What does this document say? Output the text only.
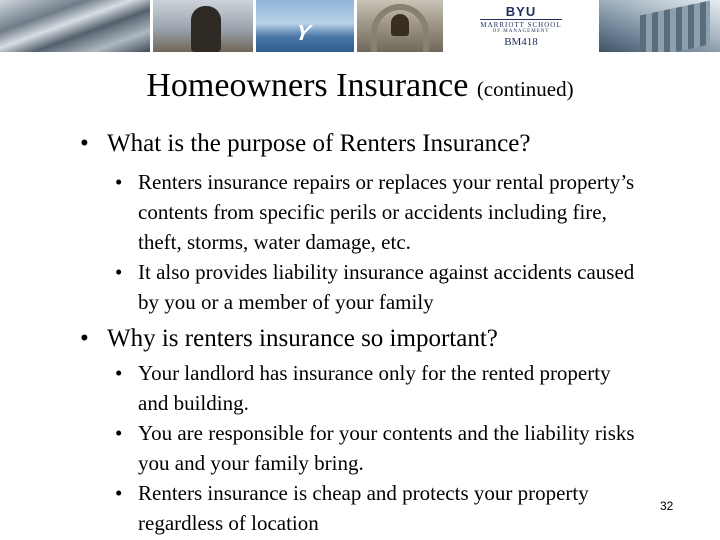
Y
BYU
MARRIOTT SCHOOL
OF MANAGEMENT
BM418
Homeowners Insurance (continued)

• What is the purpose of Renters Insurance?

• Renters insurance repairs or replaces your rental property’s contents from specific perils or accidents including fire, theft, storms, water damage, etc.

• It also provides liability insurance against accidents caused by you or a member of your family

• Why is renters insurance so important?

• Your landlord has insurance only for the rented property and building.

• You are responsible for your contents and the liability risks you and your family bring.

• Renters insurance is cheap and protects your property regardless of location

32
